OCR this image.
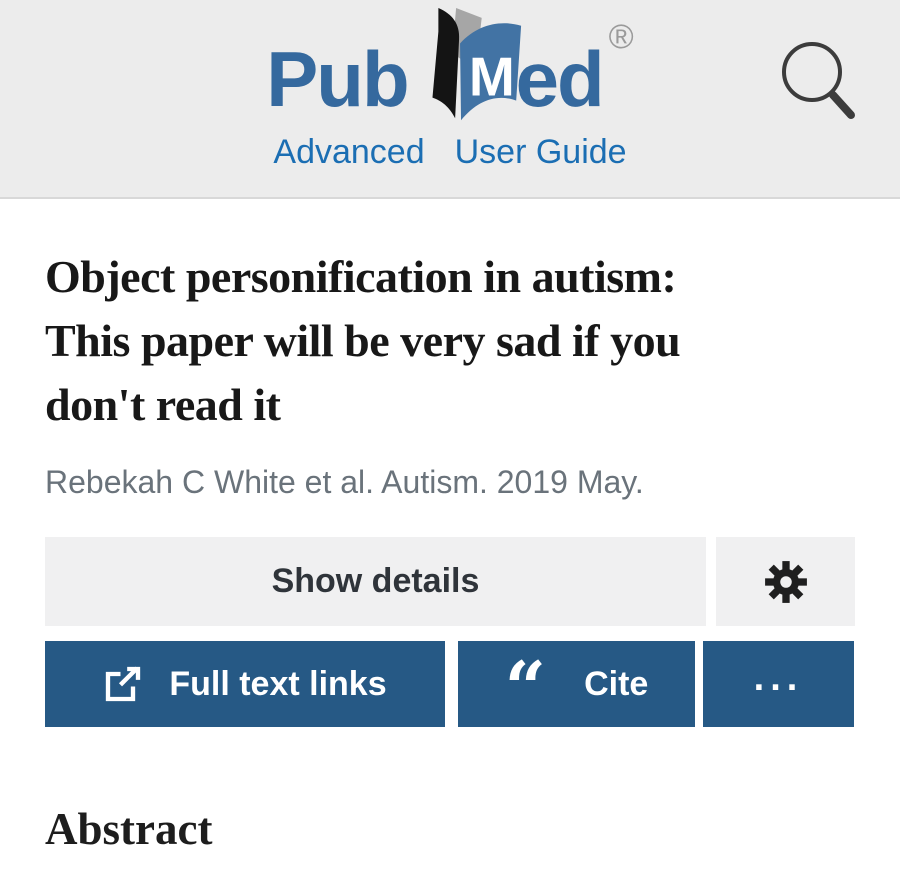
Pub M ed ®
Advanced User Guide
Object personification in autism:
This paper will be very sad if you
don't read it

Rebekah C White et al. Autism. 2019 May.

Show details
Full text links “ Cite	...
Abstract
